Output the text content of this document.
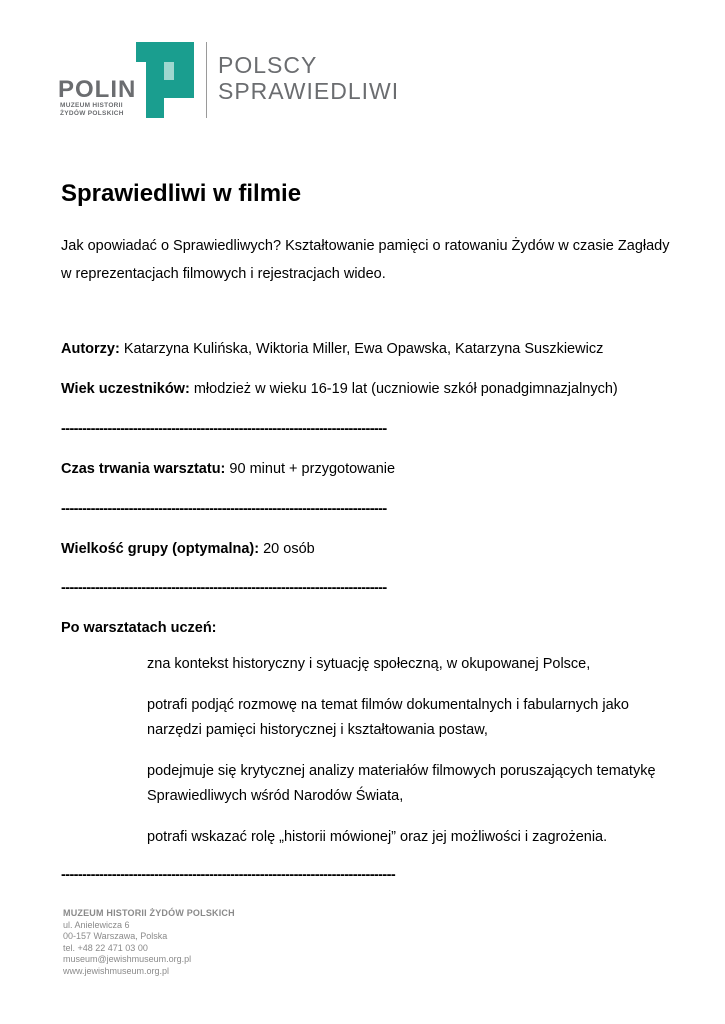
POLIN
MUZEUM HISTORII
ŻYDÓW POLSKICH
POLSCY
SPRAWIEDLIWI
Sprawiedliwi w filmie

Jak opowiadać o Sprawiedliwych? Kształtowanie pamięci o ratowaniu Żydów w czasie Zagłady w reprezentacjach filmowych i rejestracjach wideo.

Autorzy: Katarzyna Kulińska, Wiktoria Miller, Ewa Opawska, Katarzyna Suszkiewicz

Wiek uczestników: młodzież w wieku 16-19 lat (uczniowie szkół ponadgimnazjalnych)

-----------------------------------------------------------------------------

Czas trwania warsztatu: 90 minut + przygotowanie

-----------------------------------------------------------------------------

Wielkość grupy (optymalna): 20 osób

-----------------------------------------------------------------------------

Po warsztatach uczeń:

zna kontekst historyczny i sytuację społeczną, w okupowanej Polsce,
potrafi podjąć rozmowę na temat filmów dokumentalnych i fabularnych jako narzędzi pamięci historycznej i kształtowania postaw,
podejmuje się krytycznej analizy materiałów filmowych poruszających tematykę Sprawiedliwych wśród Narodów Świata,
potrafi wskazać rolę „historii mówionej” oraz jej możliwości i zagrożenia.

-------------------------------------------------------------------------------

MUZEUM HISTORII ŻYDÓW POLSKICH
ul. Anielewicza 6
00-157 Warszawa, Polska
tel. +48 22 471 03 00
museum@jewishmuseum.org.pl
www.jewishmuseum.org.pl
